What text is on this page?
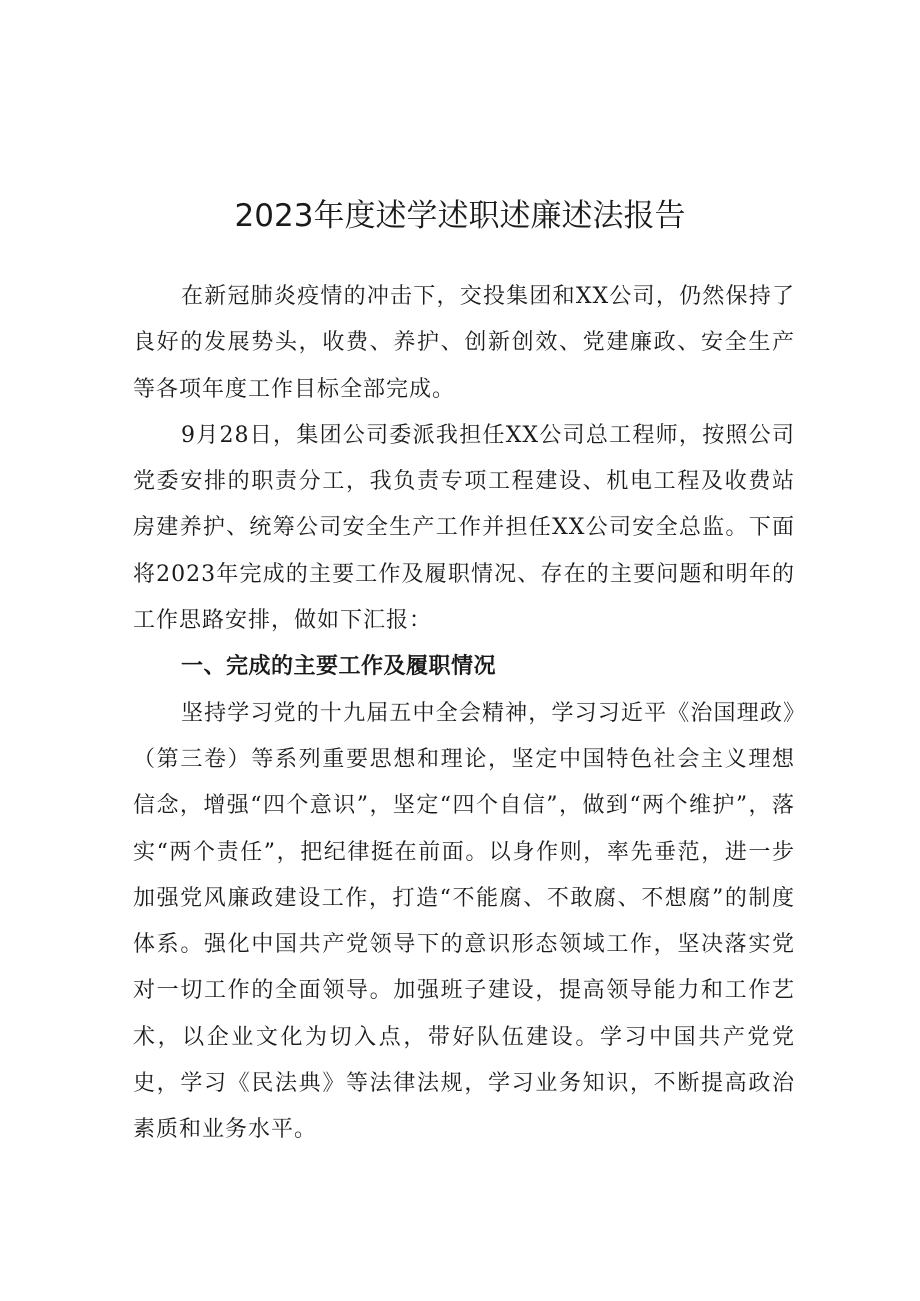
2023年度述学述职述廉述法报告

在新冠肺炎疫情的冲击下，交投集团和XX公司，仍然保持了良好的发展势头，收费、养护、创新创效、党建廉政、安全生产等各项年度工作目标全部完成。

9月28日，集团公司委派我担任XX公司总工程师，按照公司党委安排的职责分工，我负责专项工程建设、机电工程及收费站房建养护、统筹公司安全生产工作并担任XX公司安全总监。下面将2023年完成的主要工作及履职情况、存在的主要问题和明年的工作思路安排，做如下汇报：

一、完成的主要工作及履职情况

坚持学习党的十九届五中全会精神，学习习近平《治国理政》（第三卷）等系列重要思想和理论，坚定中国特色社会主义理想信念，增强“四个意识”，坚定“四个自信”，做到“两个维护”，落实“两个责任”，把纪律挺在前面。以身作则，率先垂范，进一步加强党风廉政建设工作，打造“不能腐、不敢腐、不想腐”的制度体系。强化中国共产党领导下的意识形态领域工作，坚决落实党对一切工作的全面领导。加强班子建设，提高领导能力和工作艺术，以企业文化为切入点，带好队伍建设。学习中国共产党党史，学习《民法典》等法律法规，学习业务知识，不断提高政治素质和业务水平。
